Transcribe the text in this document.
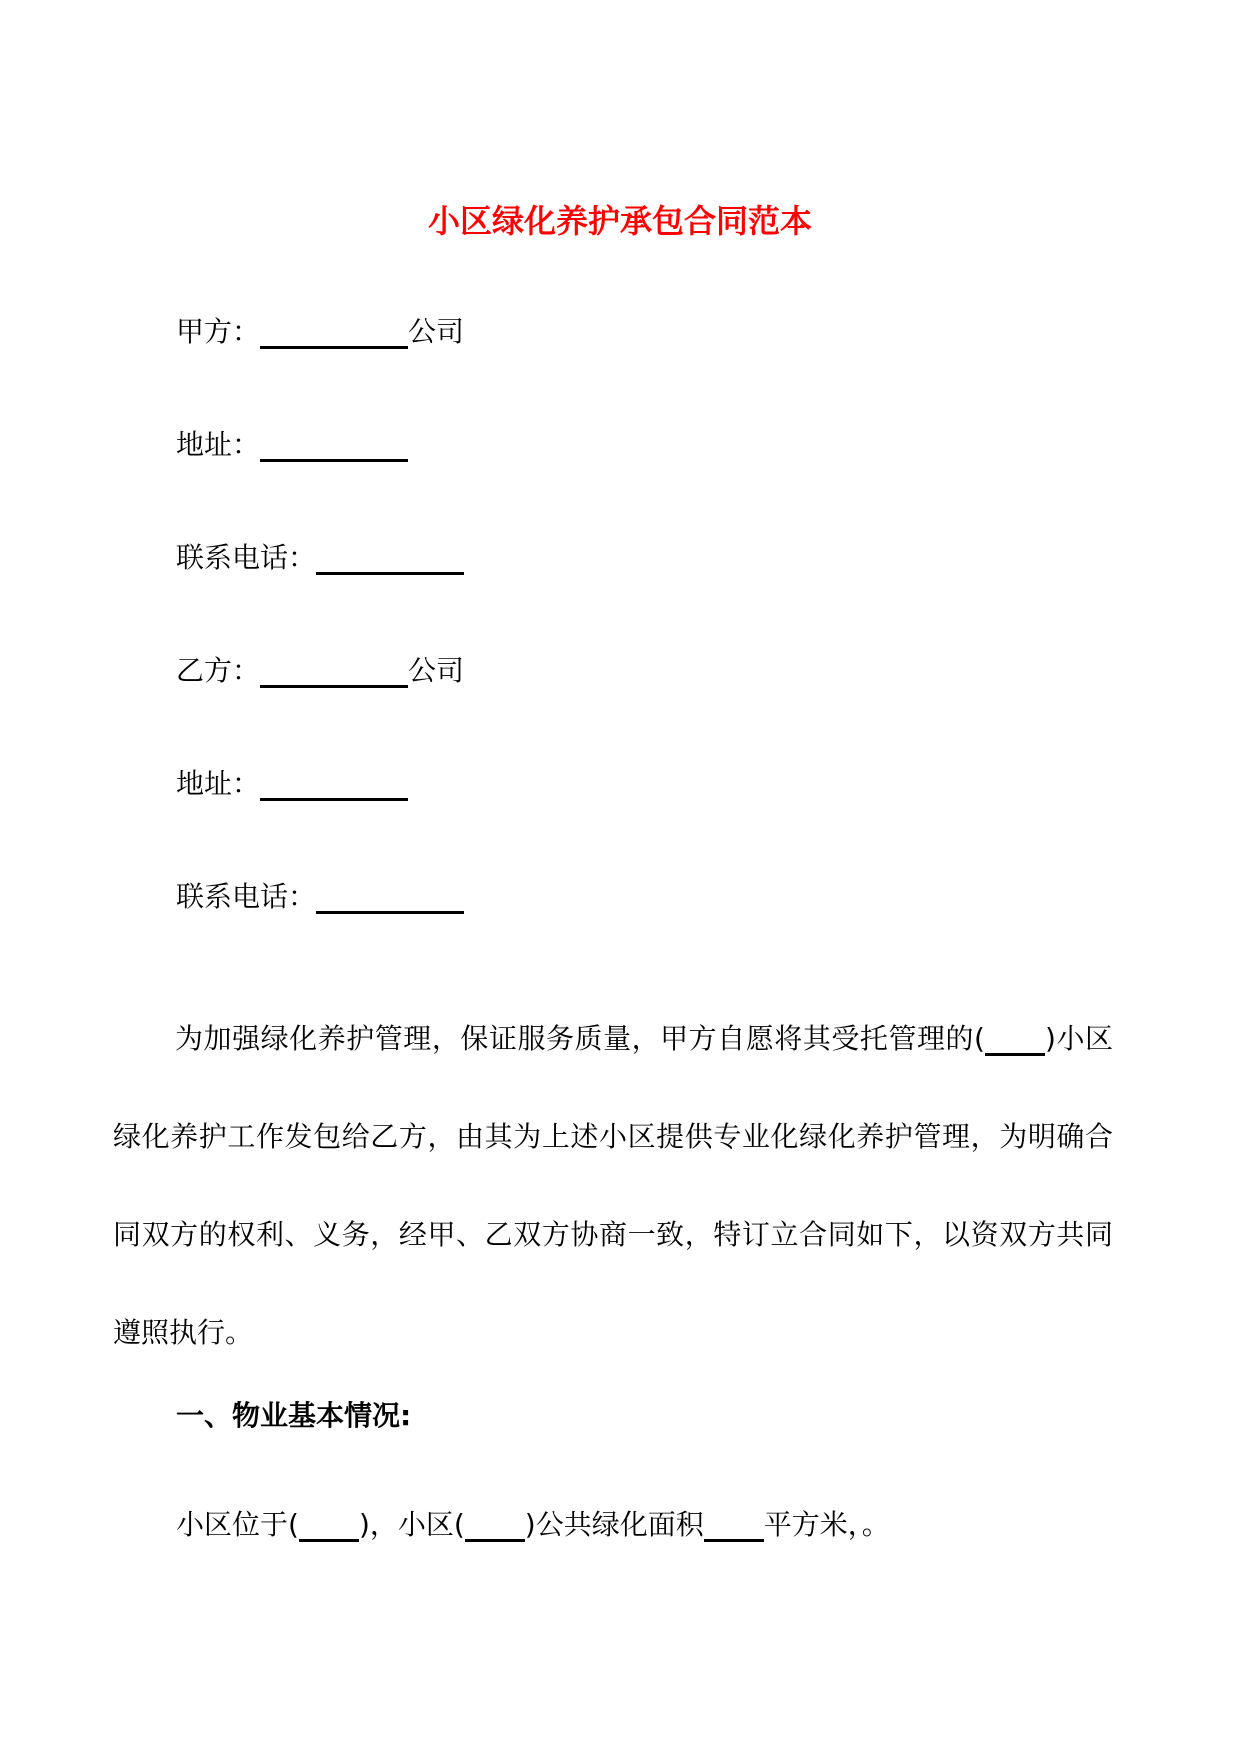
小区绿化养护承包合同范本
甲方：	公司
地址：
联系电话：
乙方：	公司
地址：
联系电话：

为加强绿化养护管理，保证服务质量，甲方自愿将其受托管理的( )小区绿化养护工作发包给乙方，由其为上述小区提供专业化绿化养护管理，为明确合同双方的权利、义务，经甲、乙双方协商一致，特订立合同如下，以资双方共同遵照执行。

一、物业基本情况:
小区位于( )，小区( )公共绿化面积 平方米，。
